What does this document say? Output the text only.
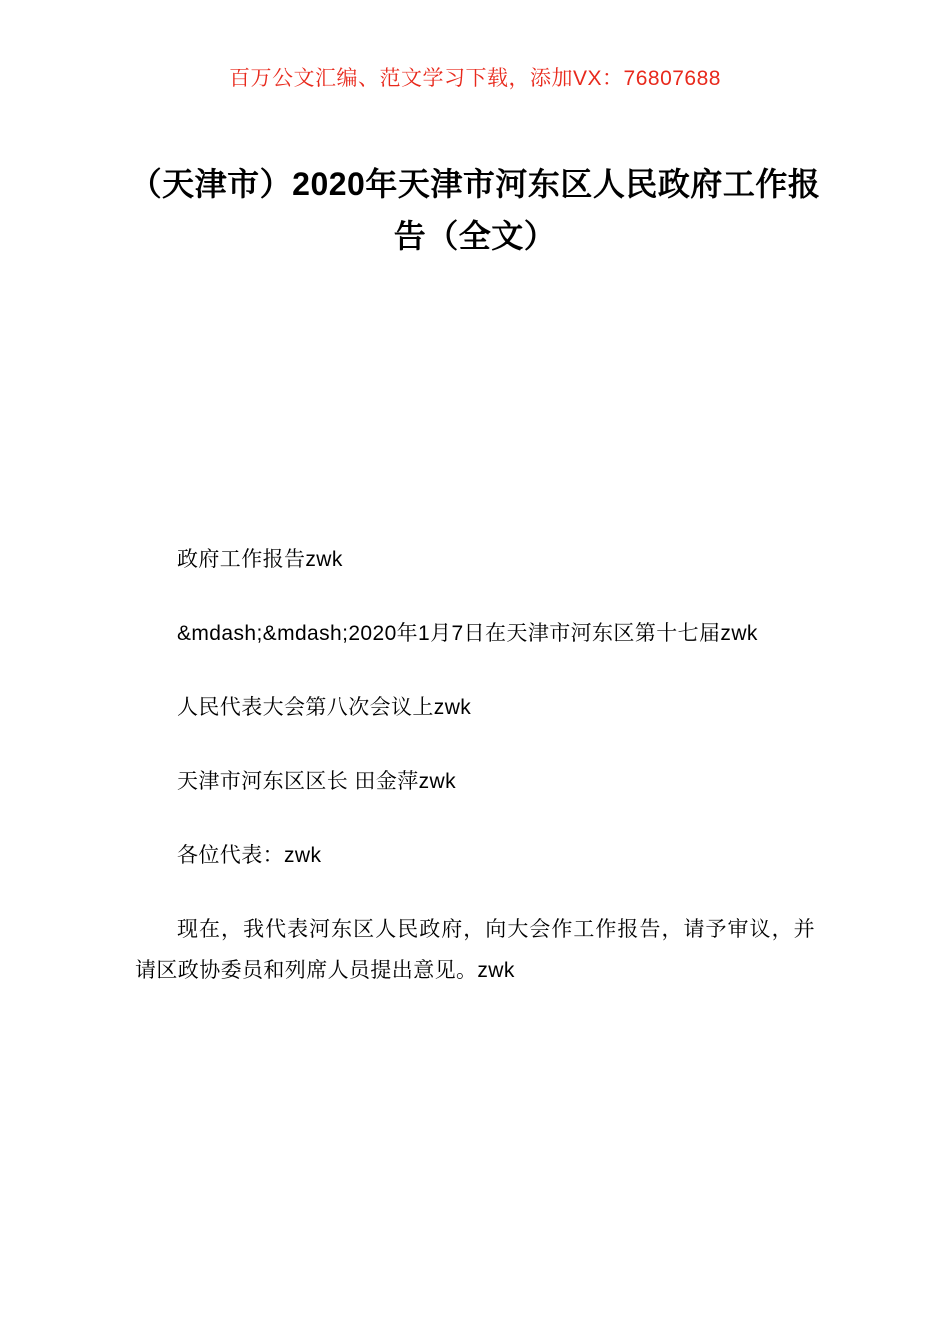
百万公文汇编、范文学习下载，添加VX：76807688
（天津市）2020年天津市河东区人民政府工作报告（全文）

政府工作报告zwk

&mdash;&mdash;2020年1月7日在天津市河东区第十七届zwk

人民代表大会第八次会议上zwk

天津市河东区区长 田金萍zwk

各位代表：zwk

现在，我代表河东区人民政府，向大会作工作报告，请予审议，并请区政协委员和列席人员提出意见。zwk
